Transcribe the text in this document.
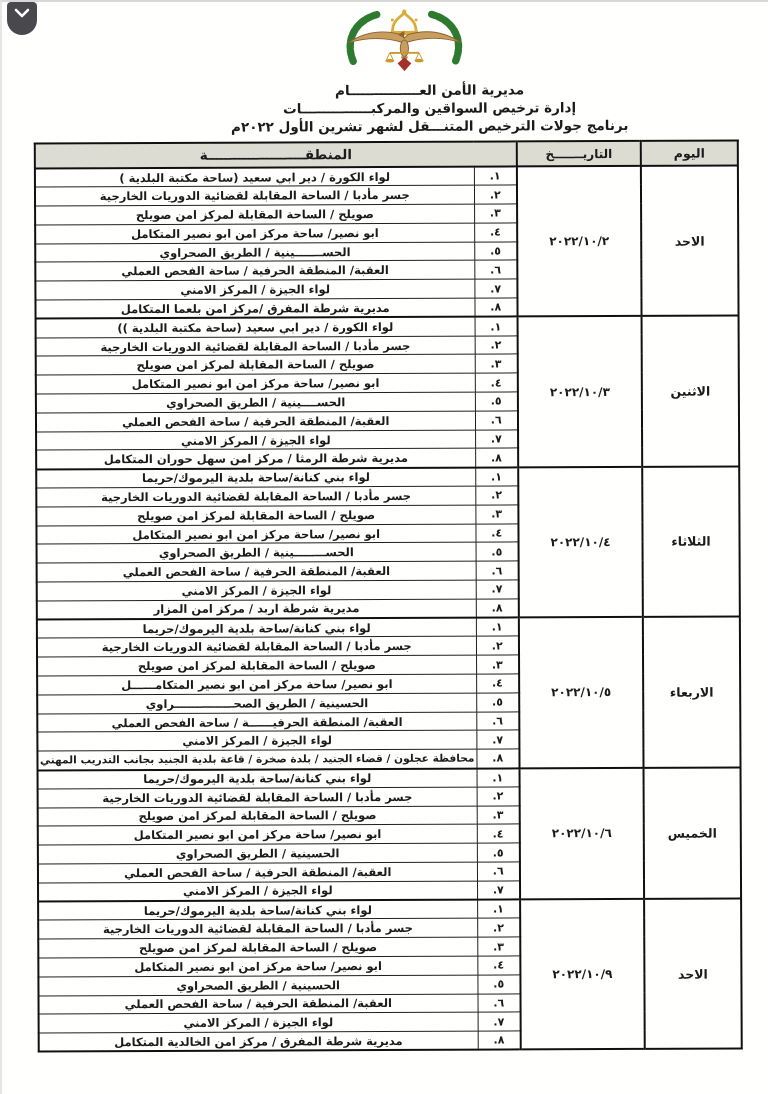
مديرية الأمن العـــــــــــــــام
إدارة ترخيص السواقين والمركبـــــــــــــــات
برنامج جولات الترخيص المتنـــقل لشهر تشرين الأول ٢٠٢٢م
اليوم	التاريـــــــخ	المنطقـــــــــــــــــــــة	
الاحد	٢٠٢٢/١٠/٢	١.	لواء الكورة / دير ابي سعيد (ساحة مكتبة البلدية )
		٢.	جسر مأدبا / الساحة المقابلة لقضائية الدوريات الخارجية
		٣.	صويلح / الساحة المقابلة لمركز امن صويلح
		٤.	ابو نصير/ ساحة مركز امن ابو نصير المتكامل
		٥.	الحســـــــينية / الطريق الصحراوي
		٦.	العقبة/ المنطقة الحرفية / ساحة الفحص العملي
		٧.	لواء الجيزة / المركز الامني
		٨.	مديرية شرطة المفرق /مركز امن بلعما المتكامل
الاثنين	٢٠٢٢/١٠/٣	١.	لواء الكورة / دير ابي سعيد (ساحة مكتبة البلدية ))
		٢.	جسر مأدبا / الساحة المقابلة لقضائية الدوريات الخارجية
		٣.	صويلح / الساحة المقابلة لمركز امن صويلح
		٤.	ابو نصير/ ساحة مركز امن ابو نصير المتكامل
		٥.	الحســــينية / الطريق الصحراوي
		٦.	العقبة/ المنطقة الحرفية / ساحة الفحص العملي
		٧.	لواء الجيزة / المركز الامني
		٨.	مديرية شرطة الرمثا / مركز امن سهل حوران المتكامل
الثلاثاء	٢٠٢٢/١٠/٤	١.	لواء بني كنانة/ساحة بلدية اليرموك/حريما
		٢.	جسر مأدبا / الساحة المقابلة لقضائية الدوريات الخارجية
		٣.	صويلح / الساحة المقابلة لمركز امن صويلح
		٤.	ابو نصير/ ساحة مركز امن ابو نصير المتكامل
		٥.	الحســــــــينية / الطريق الصحراوي
		٦.	العقبة/ المنطقة الحرفية / ساحة الفحص العملي
		٧.	لواء الجيزة / المركز الامني
		٨.	مديرية شرطة اربد / مركز امن المزار
الاربعاء	٢٠٢٢/١٠/٥	١.	لواء بني كنانة/ساحة بلدية اليرموك/حريما
		٢.	جسر مأدبا / الساحة المقابلة لقضائية الدوريات الخارجية
		٣.	صويلح / الساحة المقابلة لمركز امن صويلح
		٤.	ابو نصير/ ساحة مركز امن ابو نصير المتكامــــــل
		٥.	الحسينية / الطريق الصحـــــــــــــــراوي
		٦.	العقبة/ المنطقة الحرفيــــــة / ساحة الفحص العملي
		٧.	لواء الجيزة / المركز الامني
		٨.	محافظة عجلون / قضاء الجنيد / بلدة صخرة / قاعة بلدية الجنيد بجانب التدريب المهني
الخميس	٢٠٢٢/١٠/٦	١.	لواء بني كنانة/ساحة بلدية اليرموك/حريما
		٢.	جسر مأدبا / الساحة المقابلة لقضائية الدوريات الخارجية
		٣.	صويلح / الساحة المقابلة لمركز امن صويلح
		٤.	ابو نصير/ ساحة مركز امن ابو نصير المتكامل
		٥.	الحسينية / الطريق الصحراوي
		٦.	العقبة/ المنطقة الحرفية / ساحة الفحص العملي
		٧.	لواء الجيزة / المركز الامني
الاحد	٢٠٢٢/١٠/٩	١.	لواء بني كنانة/ساحة بلدية اليرموك/حريما
		٢.	جسر مأدبا / الساحة المقابلة لقضائية الدوريات الخارجية
		٣.	صويلح / الساحة المقابلة لمركز امن صويلح
		٤.	ابو نصير/ ساحة مركز امن ابو نصير المتكامل
		٥.	الحسينية / الطريق الصحراوي
		٦.	العقبة/ المنطقة الحرفية / ساحة الفحص العملي
		٧.	لواء الجيزة / المركز الامني
		٨.	مديرية شرطة المفرق / مركز امن الخالدية المتكامل
